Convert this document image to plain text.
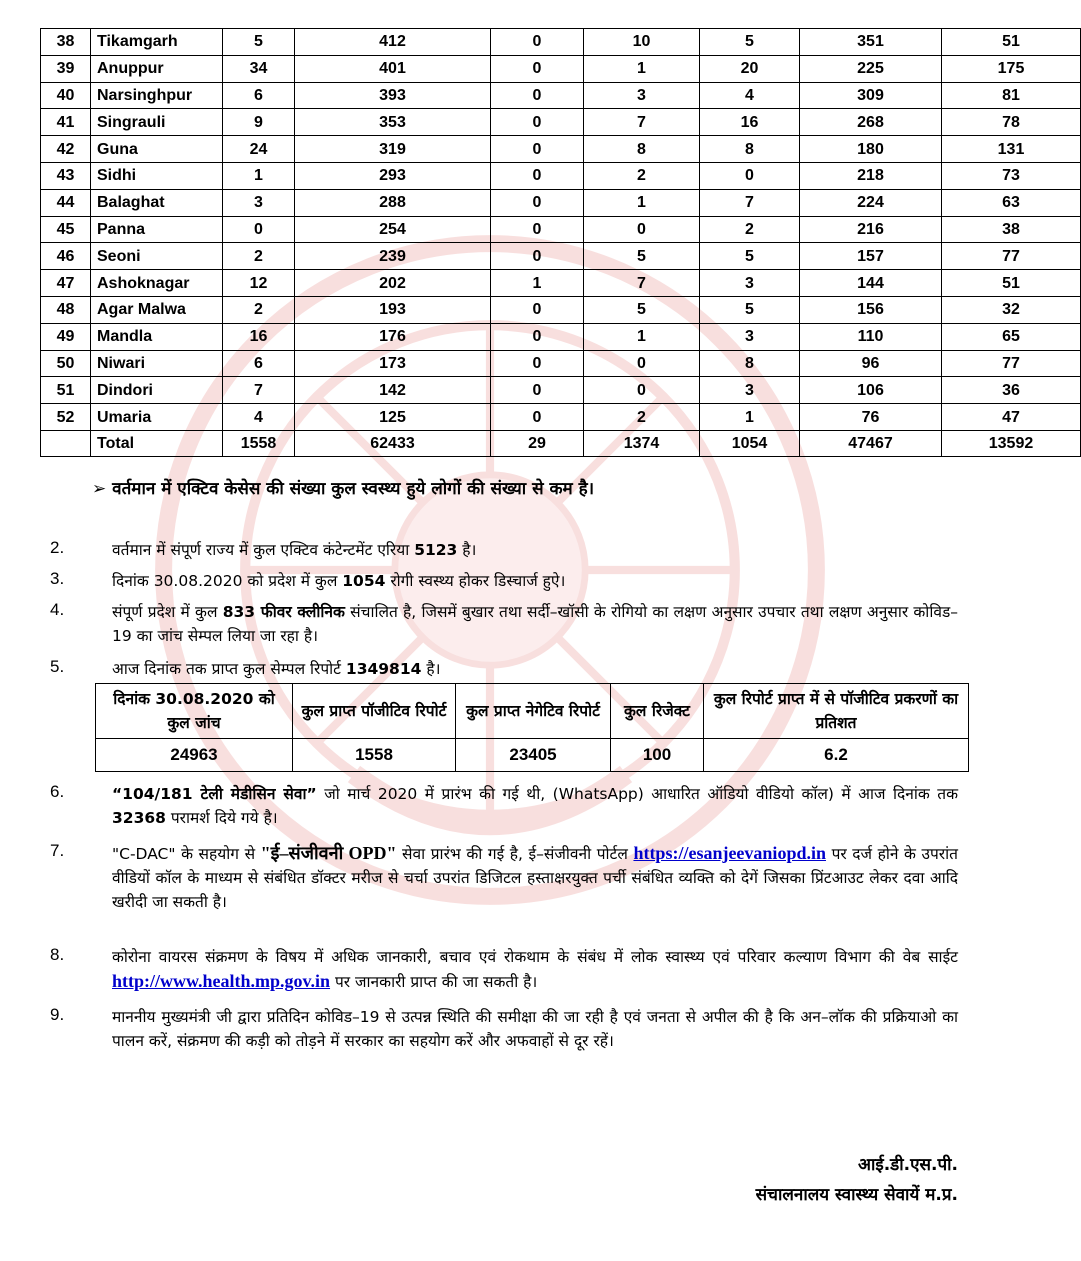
38	Tikamgarh	5	412	0	10	5	351	51
39	Anuppur	34	401	0	1	20	225	175
40	Narsinghpur	6	393	0	3	4	309	81
41	Singrauli	9	353	0	7	16	268	78
42	Guna	24	319	0	8	8	180	131
43	Sidhi	1	293	0	2	0	218	73
44	Balaghat	3	288	0	1	7	224	63
45	Panna	0	254	0	0	2	216	38
46	Seoni	2	239	0	5	5	157	77
47	Ashoknagar	12	202	1	7	3	144	51
48	Agar Malwa	2	193	0	5	5	156	32
49	Mandla	16	176	0	1	3	110	65
50	Niwari	6	173	0	0	8	96	77
51	Dindori	7	142	0	0	3	106	36
52	Umaria	4	125	0	2	1	76	47
	Total	1558	62433	29	1374	1054	47467	13592
➢ वर्तमान में एक्टिव केसेस की संख्या कुल स्वस्थ्य हुये लोगों की संख्या से कम है।
2.	वर्तमान में संपूर्ण राज्य में कुल एक्टिव कंटेन्टमेंट एरिया 5123 है।
3.	दिनांक 30.08.2020 को प्रदेश में कुल 1054 रोगी स्वस्थ्य होकर डिस्चार्ज हुऐ।
4.	संपूर्ण प्रदेश में कुल 833 फीवर क्लीनिक संचालित है, जिसमें बुखार तथा सर्दी–खॉसी के रोगियो का लक्षण अनुसार उपचार तथा लक्षण अनुसार कोविड–19 का जांच सेम्पल लिया जा रहा है।
5.	आज दिनांक तक प्राप्त कुल सेम्पल रिपोर्ट 1349814 है।
दिनांक 30.08.2020 को कुल जांच	कुल प्राप्त पॉजीटिव रिपोर्ट	कुल प्राप्त नेगेटिव रिपोर्ट	कुल रिजेक्ट	कुल रिपोर्ट प्राप्त में से पॉजीटिव प्रकरणों का प्रतिशत
24963	1558	23405	100	6.2
6.	“104/181 टेली मेडीसिन सेवा” जो मार्च 2020 में प्रारंभ की गई थी, (WhatsApp) आधारित ऑडियो वीडियो कॉल) में आज दिनांक तक 32368 परामर्श दिये गये है।
7.	"C-DAC" के सहयोग से "ई–संजीवनी OPD" सेवा प्रारंभ की गई है, ई–संजीवनी पोर्टल https://esanjeevaniopd.in पर दर्ज होने के उपरांत वीडियों कॉल के माध्यम से संबंधित डॉक्टर मरीज से चर्चा उपरांत डिजिटल हस्ताक्षरयुक्त पर्ची संबंधित व्यक्ति को देगें जिसका प्रिंटआउट लेकर दवा आदि खरीदी जा सकती है।
8.	कोरोना वायरस संक्रमण के विषय में अधिक जानकारी, बचाव एवं रोकथाम के संबंध में लोक स्वास्थ्य एवं परिवार कल्याण विभाग की वेब साईट http://www.health.mp.gov.in पर जानकारी प्राप्त की जा सकती है।
9.	माननीय मुख्यमंत्री जी द्वारा प्रतिदिन कोविड–19 से उत्पन्न स्थिति की समीक्षा की जा रही है एवं जनता से अपील की है कि अन–लॉक की प्रक्रियाओ का पालन करें, संक्रमण की कड़ी को तोड़ने में सरकार का सहयोग करें और अफवाहों से दूर रहें।
आई.डी.एस.पी.
संचालनालय स्वास्थ्य सेवायें म.प्र.
